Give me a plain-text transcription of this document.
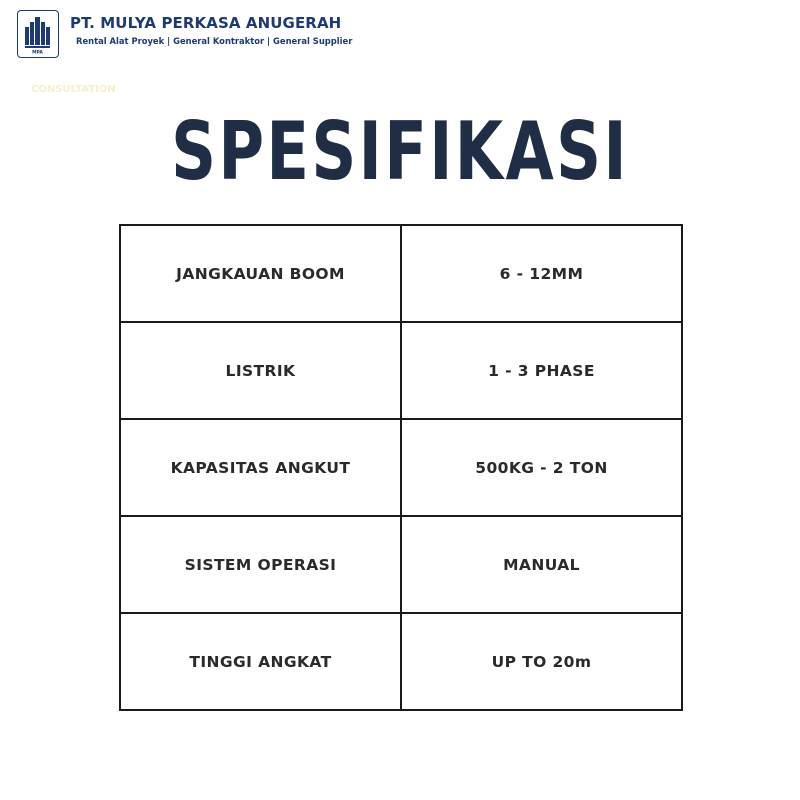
MPA
PT. MULYA PERKASA ANUGERAH
Rental Alat Proyek | General Kontraktor | General Supplier
CONSULTATION
SPESIFIKASI
JANGKAUAN BOOM	6 - 12MM
LISTRIK	1 - 3 PHASE
KAPASITAS ANGKUT	500KG - 2 TON
SISTEM OPERASI	MANUAL
TINGGI ANGKAT	UP TO 20m
